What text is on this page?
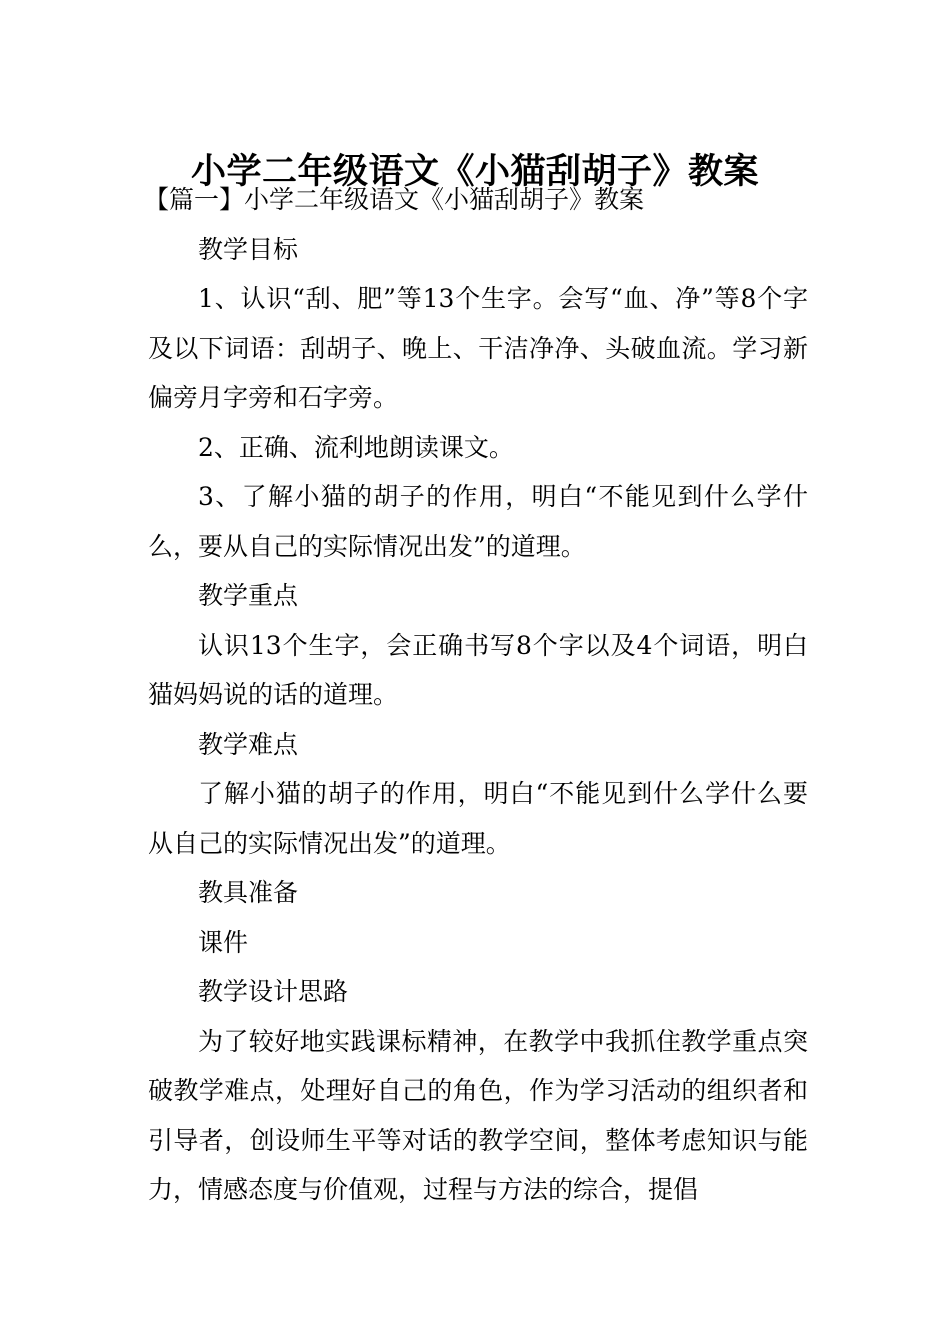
小学二年级语文《小猫刮胡子》教案

【篇一】小学二年级语文《小猫刮胡子》教案

教学目标

1、认识“刮、肥”等13个生字。会写“血、净”等8个字及以下词语：刮胡子、晚上、干洁净净、头破血流。学习新偏旁月字旁和石字旁。

2、正确、流利地朗读课文。

3、了解小猫的胡子的作用，明白“不能见到什么学什么，要从自己的实际情况出发”的道理。

教学重点

认识13个生字，会正确书写8个字以及4个词语，明白猫妈妈说的话的道理。

教学难点

了解小猫的胡子的作用，明白“不能见到什么学什么要从自己的实际情况出发”的道理。

教具准备

课件

教学设计思路

为了较好地实践课标精神，在教学中我抓住教学重点突破教学难点，处理好自己的角色，作为学习活动的组织者和引导者，创设师生平等对话的教学空间，整体考虑知识与能力，情感态度与价值观，过程与方法的综合，提倡
